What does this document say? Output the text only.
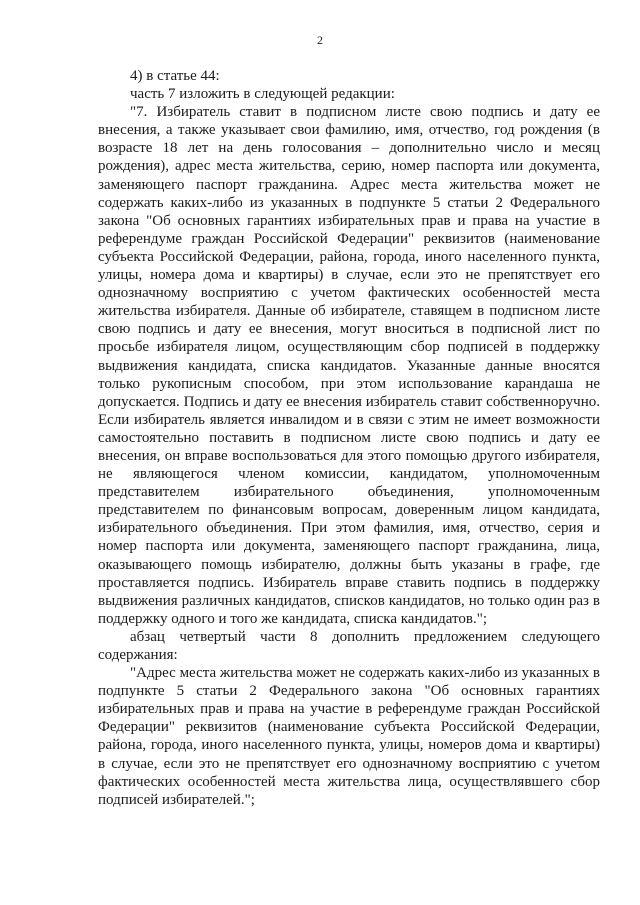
2

4) в статье 44:

часть 7 изложить в следующей редакции:

"7. Избиратель ставит в подписном листе свою подпись и дату ее внесения, а также указывает свои фамилию, имя, отчество, год рождения (в возрасте 18 лет на день голосования – дополнительно число и месяц рождения), адрес места жительства, серию, номер паспорта или документа, заменяющего паспорт гражданина. Адрес места жительства может не содержать каких-либо из указанных в подпункте 5 статьи 2 Федерального закона "Об основных гарантиях избирательных прав и права на участие в референдуме граждан Российской Федерации" реквизитов (наименование субъекта Российской Федерации, района, города, иного населенного пункта, улицы, номера дома и квартиры) в случае, если это не препятствует его однозначному восприятию с учетом фактических особенностей места жительства избирателя. Данные об избирателе, ставящем в подписном листе свою подпись и дату ее внесения, могут вноситься в подписной лист по просьбе избирателя лицом, осуществляющим сбор подписей в поддержку выдвижения кандидата, списка кандидатов. Указанные данные вносятся только рукописным способом, при этом использование карандаша не допускается. Подпись и дату ее внесения избиратель ставит собственноручно. Если избиратель является инвалидом и в связи с этим не имеет возможности самостоятельно поставить в подписном листе свою подпись и дату ее внесения, он вправе воспользоваться для этого помощью другого избирателя, не являющегося членом комиссии, кандидатом, уполномоченным представителем избирательного объединения, уполномоченным представителем по финансовым вопросам, доверенным лицом кандидата, избирательного объединения. При этом фамилия, имя, отчество, серия и номер паспорта или документа, заменяющего паспорт гражданина, лица, оказывающего помощь избирателю, должны быть указаны в графе, где проставляется подпись. Избиратель вправе ставить подпись в поддержку выдвижения различных кандидатов, списков кандидатов, но только один раз в поддержку одного и того же кандидата, списка кандидатов.";

абзац четвертый части 8 дополнить предложением следующего содержания:

"Адрес места жительства может не содержать каких-либо из указанных в подпункте 5 статьи 2 Федерального закона "Об основных гарантиях избирательных прав и права на участие в референдуме граждан Российской Федерации" реквизитов (наименование субъекта Российской Федерации, района, города, иного населенного пункта, улицы, номеров дома и квартиры) в случае, если это не препятствует его однозначному восприятию с учетом фактических особенностей места жительства лица, осуществлявшего сбор подписей избирателей.";
